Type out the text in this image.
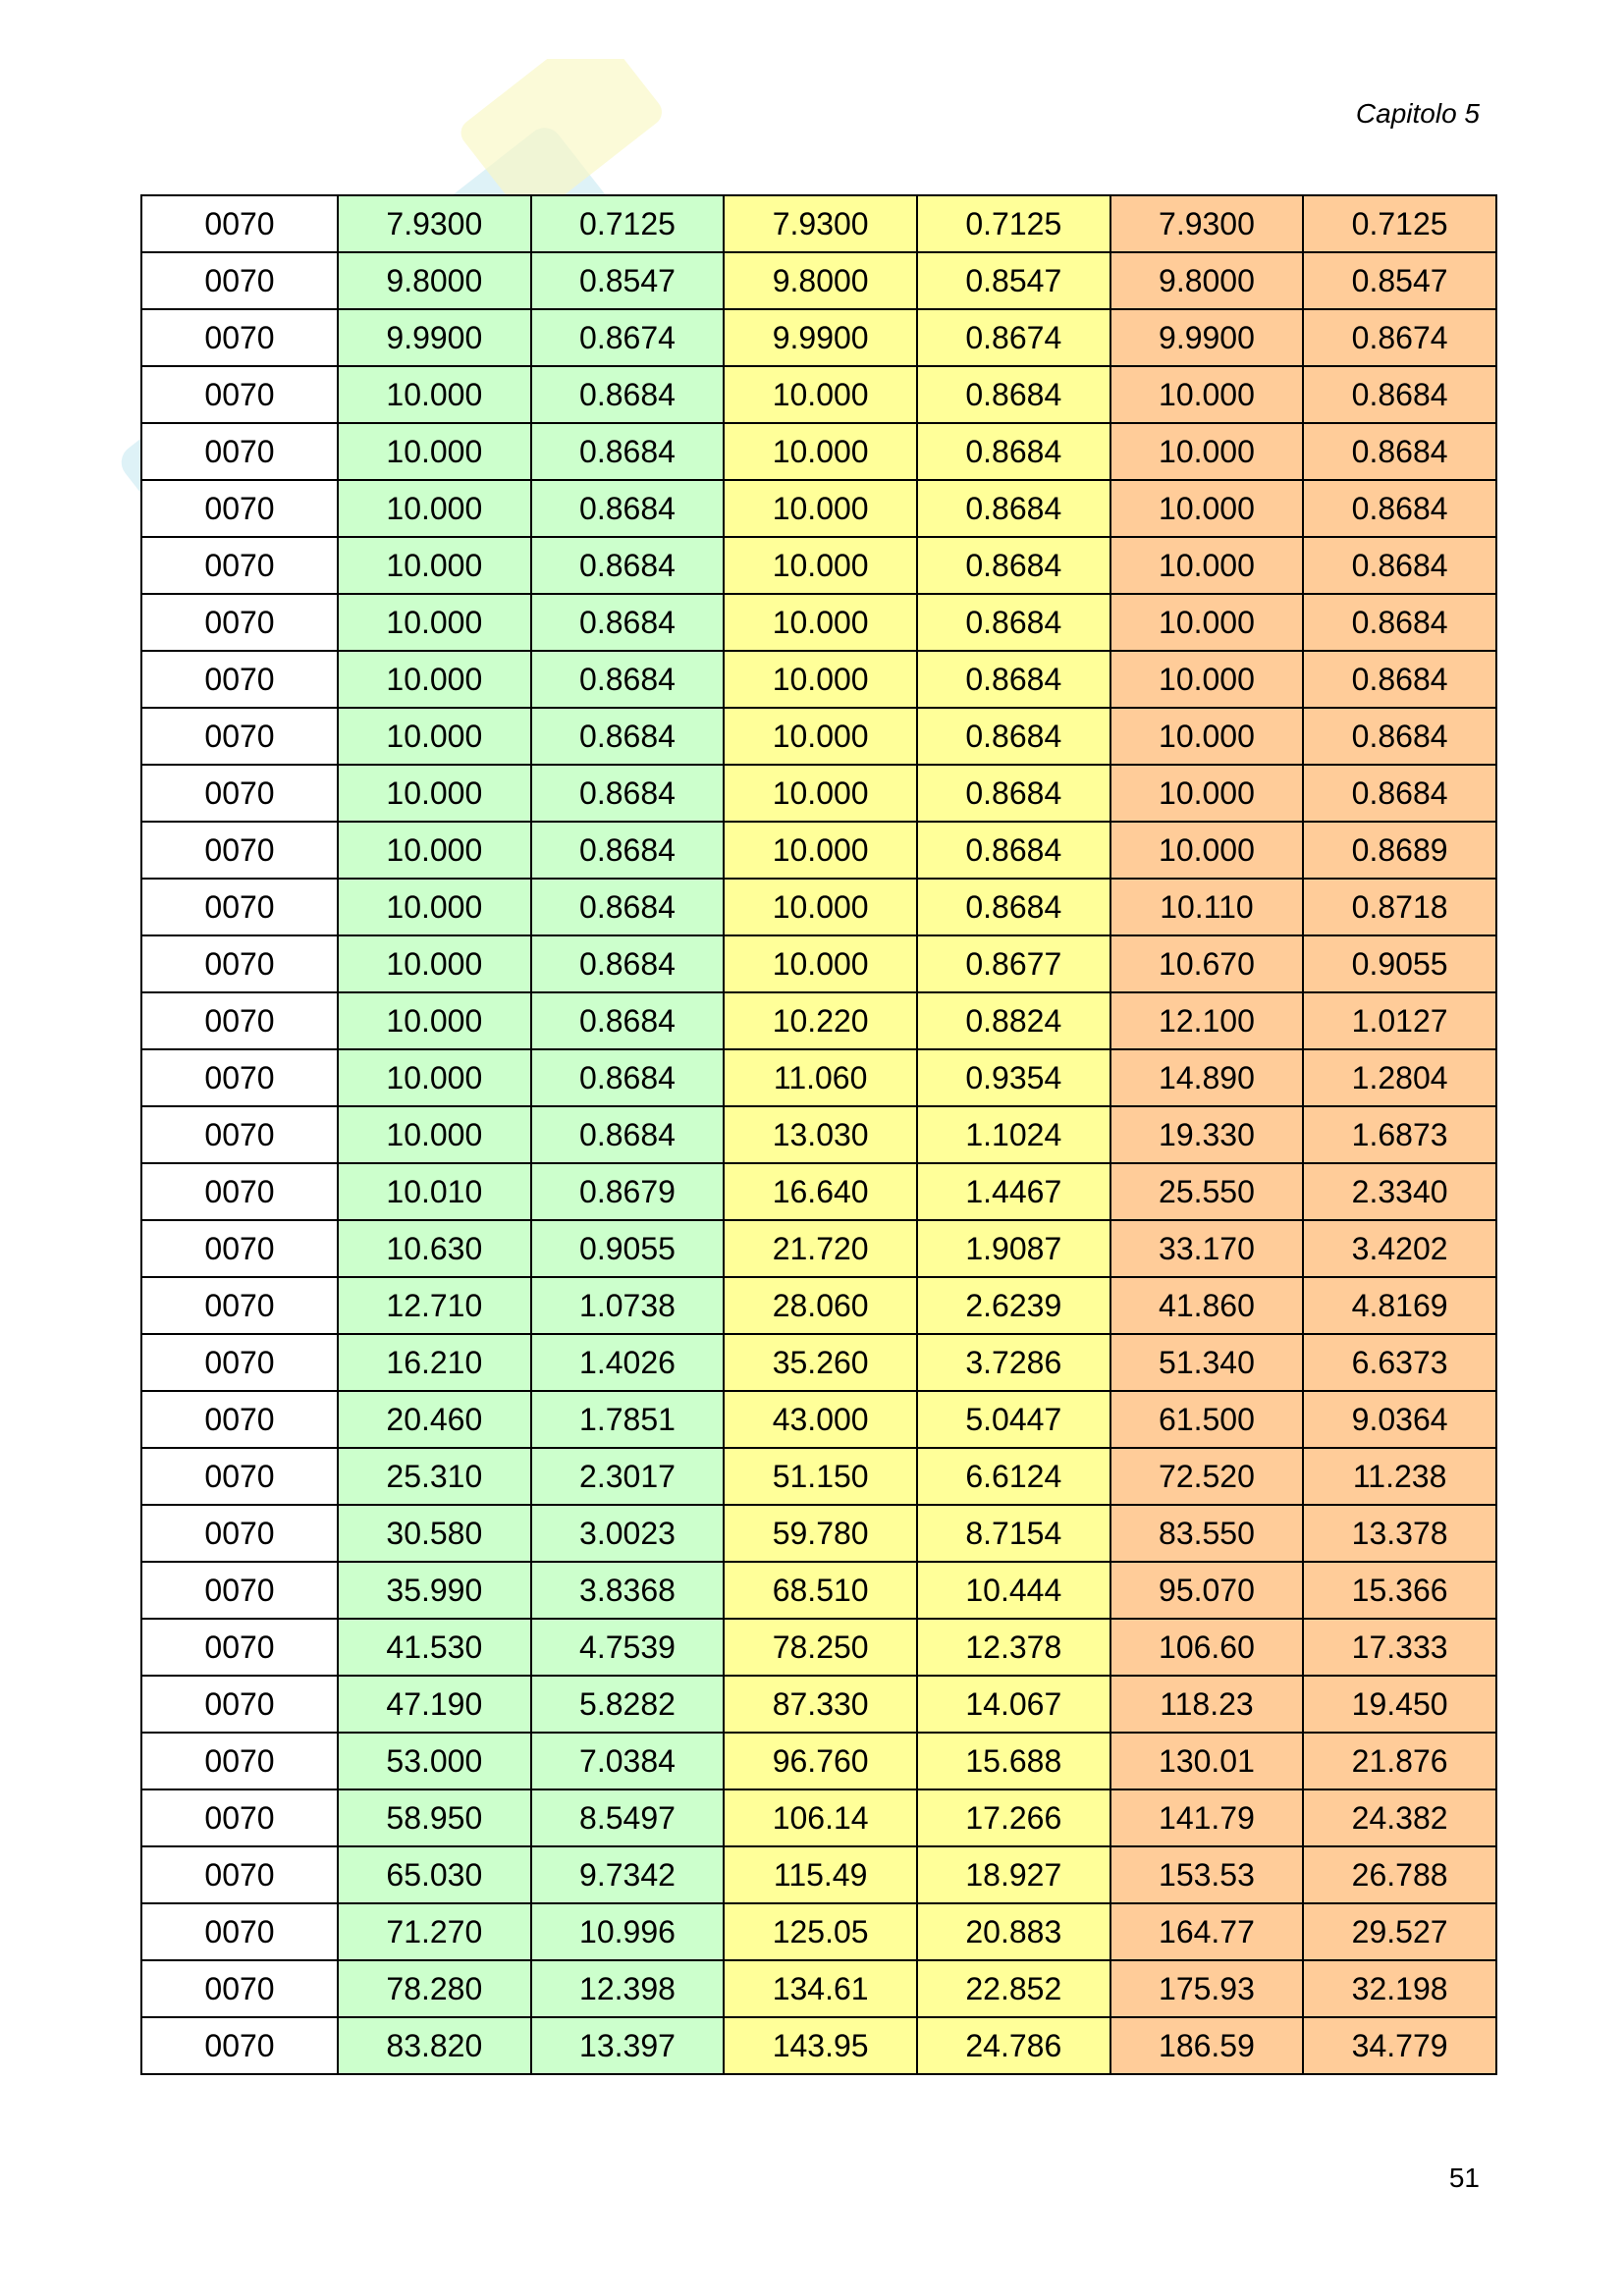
Capitolo 5
0070	7.9300	0.7125	7.9300	0.7125	7.9300	0.7125
0070	9.8000	0.8547	9.8000	0.8547	9.8000	0.8547
0070	9.9900	0.8674	9.9900	0.8674	9.9900	0.8674
0070	10.000	0.8684	10.000	0.8684	10.000	0.8684
0070	10.000	0.8684	10.000	0.8684	10.000	0.8684
0070	10.000	0.8684	10.000	0.8684	10.000	0.8684
0070	10.000	0.8684	10.000	0.8684	10.000	0.8684
0070	10.000	0.8684	10.000	0.8684	10.000	0.8684
0070	10.000	0.8684	10.000	0.8684	10.000	0.8684
0070	10.000	0.8684	10.000	0.8684	10.000	0.8684
0070	10.000	0.8684	10.000	0.8684	10.000	0.8684
0070	10.000	0.8684	10.000	0.8684	10.000	0.8689
0070	10.000	0.8684	10.000	0.8684	10.110	0.8718
0070	10.000	0.8684	10.000	0.8677	10.670	0.9055
0070	10.000	0.8684	10.220	0.8824	12.100	1.0127
0070	10.000	0.8684	11.060	0.9354	14.890	1.2804
0070	10.000	0.8684	13.030	1.1024	19.330	1.6873
0070	10.010	0.8679	16.640	1.4467	25.550	2.3340
0070	10.630	0.9055	21.720	1.9087	33.170	3.4202
0070	12.710	1.0738	28.060	2.6239	41.860	4.8169
0070	16.210	1.4026	35.260	3.7286	51.340	6.6373
0070	20.460	1.7851	43.000	5.0447	61.500	9.0364
0070	25.310	2.3017	51.150	6.6124	72.520	11.238
0070	30.580	3.0023	59.780	8.7154	83.550	13.378
0070	35.990	3.8368	68.510	10.444	95.070	15.366
0070	41.530	4.7539	78.250	12.378	106.60	17.333
0070	47.190	5.8282	87.330	14.067	118.23	19.450
0070	53.000	7.0384	96.760	15.688	130.01	21.876
0070	58.950	8.5497	106.14	17.266	141.79	24.382
0070	65.030	9.7342	115.49	18.927	153.53	26.788
0070	71.270	10.996	125.05	20.883	164.77	29.527
0070	78.280	12.398	134.61	22.852	175.93	32.198
0070	83.820	13.397	143.95	24.786	186.59	34.779
51
